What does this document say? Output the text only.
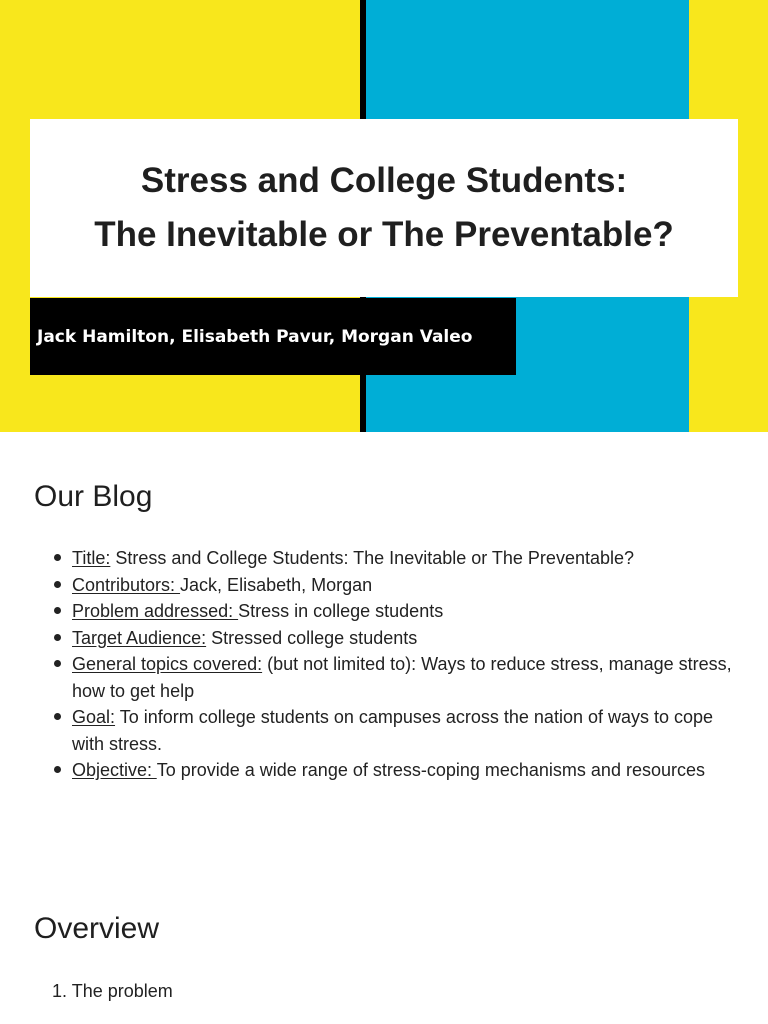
Stress and College Students:
The Inevitable or The Preventable?
Jack Hamilton, Elisabeth Pavur, Morgan Valeo
Our Blog
Title: Stress and College Students: The Inevitable or The Preventable?
Contributors: Jack, Elisabeth, Morgan
Problem addressed: Stress in college students
Target Audience: Stressed college students
General topics covered: (but not limited to): Ways to reduce stress, manage stress, how to get help
Goal: To inform college students on campuses across the nation of ways to cope with stress.
Objective: To provide a wide range of stress-coping mechanisms and resources
Overview
1. The problem
